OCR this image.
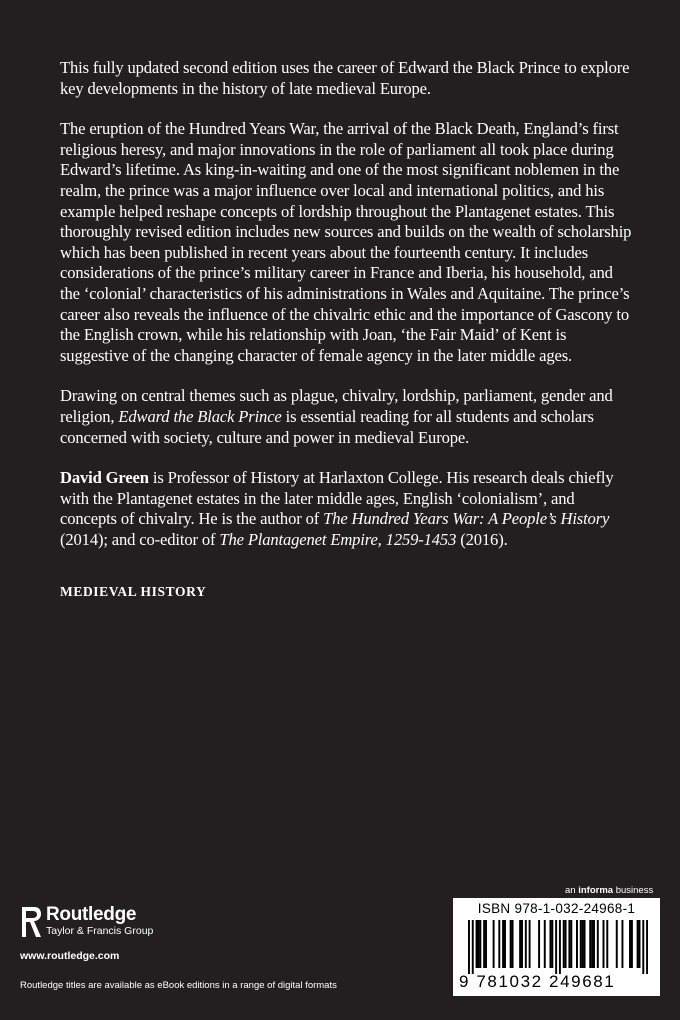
This fully updated second edition uses the career of Edward the Black Prince to explore key developments in the history of late medieval Europe.

The eruption of the Hundred Years War, the arrival of the Black Death, England’s first religious heresy, and major innovations in the role of parliament all took place during Edward’s lifetime. As king-in-waiting and one of the most significant noblemen in the realm, the prince was a major influence over local and international politics, and his example helped reshape concepts of lordship throughout the Plantagenet estates. This thoroughly revised edition includes new sources and builds on the wealth of scholarship which has been published in recent years about the fourteenth century. It includes considerations of the prince’s military career in France and Iberia, his household, and the ‘colonial’ characteristics of his administrations in Wales and Aquitaine. The prince’s career also reveals the influence of the chivalric ethic and the importance of Gascony to the English crown, while his relationship with Joan, ‘the Fair Maid’ of Kent is suggestive of the changing character of female agency in the later middle ages.

Drawing on central themes such as plague, chivalry, lordship, parliament, gender and religion, Edward the Black Prince is essential reading for all students and scholars concerned with society, culture and power in medieval Europe.

David Green is Professor of History at Harlaxton College. His research deals chiefly with the Plantagenet estates in the later middle ages, English ‘colonialism’, and concepts of chivalry. He is the author of The Hundred Years War: A People’s History (2014); and co-editor of The Plantagenet Empire, 1259-1453 (2016).

MEDIEVAL HISTORY

Routledge
Taylor & Francis Group
www.routledge.com
Routledge titles are available as eBook editions in a range of digital formats
an informa business
ISBN 978-1-032-24968-1
9 781032 249681
